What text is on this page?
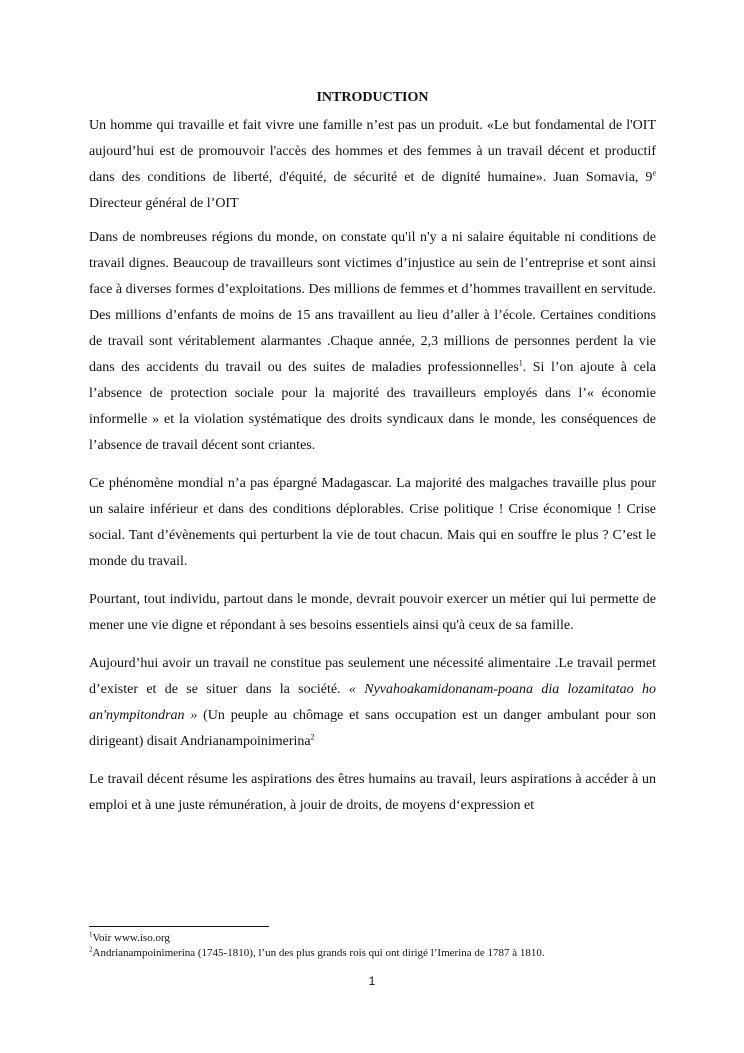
INTRODUCTION

Un homme qui travaille et fait vivre une famille n’est pas un produit. «Le but fondamental de l'OIT aujourd’hui est de promouvoir l'accès des hommes et des femmes à un travail décent et productif dans des conditions de liberté, d'équité, de sécurité et de dignité humaine». Juan Somavia, 9e Directeur général de l’OIT

Dans de nombreuses régions du monde, on constate qu'il n'y a ni salaire équitable ni conditions de travail dignes. Beaucoup de travailleurs sont victimes d’injustice au sein de l’entreprise et sont ainsi face à diverses formes d’exploitations. Des millions de femmes et d’hommes travaillent en servitude. Des millions d’enfants de moins de 15 ans travaillent au lieu d’aller à l’école. Certaines conditions de travail sont véritablement alarmantes .Chaque année, 2,3 millions de personnes perdent la vie dans des accidents du travail ou des suites de maladies professionnelles$^1$. Si l’on ajoute à cela l’absence de protection sociale pour la majorité des travailleurs employés dans l’« économie informelle » et la violation systématique des droits syndicaux dans le monde, les conséquences de l’absence de travail décent sont criantes.

Ce phénomène mondial n’a pas épargné Madagascar. La majorité des malgaches travaille plus pour un salaire inférieur et dans des conditions déplorables. Crise politique ! Crise économique ! Crise social. Tant d’évènements qui perturbent la vie de tout chacun. Mais qui en souffre le plus ? C’est le monde du travail.

Pourtant, tout individu, partout dans le monde, devrait pouvoir exercer un métier qui lui permette de mener une vie digne et répondant à ses besoins essentiels ainsi qu'à ceux de sa famille.

Aujourd’hui avoir un travail ne constitue pas seulement une nécessité alimentaire .Le travail permet d’exister et de se situer dans la société. « Nyvahoakamidonanam-poana dia lozamitatao ho an'nympitondran » (Un peuple au chômage et sans occupation est un danger ambulant pour son dirigeant) disait Andrianampoinimerina$^2$

Le travail décent résume les aspirations des êtres humains au travail, leurs aspirations à accéder à un emploi et à une juste rémunération, à jouir de droits, de moyens d‘expression et

$^1$Voir www.iso.org

$^2$Andrianampoinimerina (1745-1810), l’un des plus grands rois qui ont dirigé l’Imerina de 1787 à 1810.

1
